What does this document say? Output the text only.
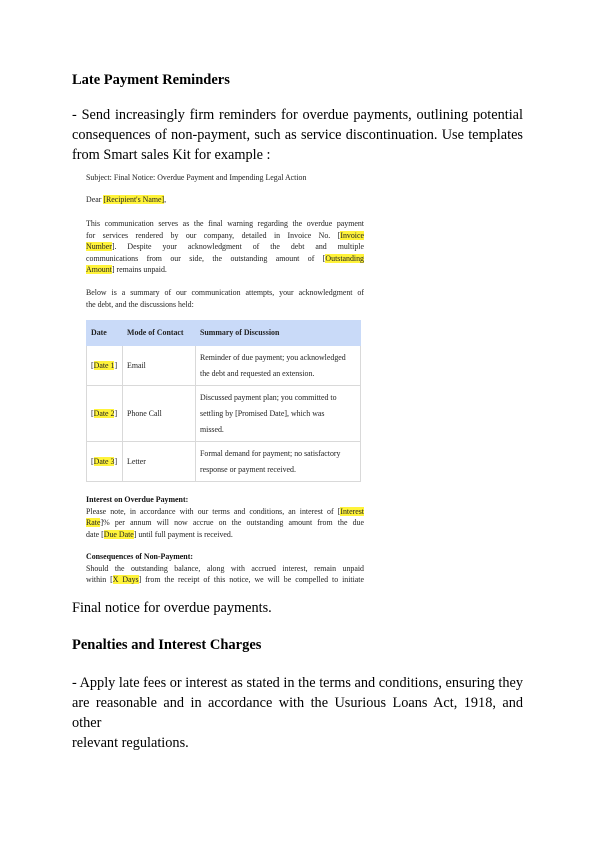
Late Payment Reminders
- Send increasingly firm reminders for overdue payments, outlining potential
consequences of non-payment, such as service discontinuation. Use templates
from Smart sales Kit for example :
Subject: Final Notice: Overdue Payment and Impending Legal Action
Dear [Recipient's Name],
This communication serves as the final warning regarding the overdue payment
for services rendered by our company, detailed in Invoice No. [Invoice
Number]. Despite your acknowledgment of the debt and multiple
communications from our side, the outstanding amount of [Outstanding
Amount] remains unpaid.
Below is a summary of our communication attempts, your acknowledgment of
the debt, and the discussions held:
Date	Mode of Contact	Summary of Discussion
[Date 1]	Email	Reminder of due payment; you acknowledged
the debt and requested an extension.

[Date 2]	Phone Call	Discussed payment plan; you committed to
settling by [Promised Date], which was
missed.

[Date 3]	Letter	Formal demand for payment; no satisfactory
response or payment received.
Interest on Overdue Payment:
Please note, in accordance with our terms and conditions, an interest of [Interest
Rate]% per annum will now accrue on the outstanding amount from the due
date [Due Date] until full payment is received.
Consequences of Non-Payment:
Should the outstanding balance, along with accrued interest, remain unpaid
within [X Days] from the receipt of this notice, we will be compelled to initiate
Final notice for overdue payments.
Penalties and Interest Charges
- Apply late fees or interest as stated in the terms and conditions, ensuring they
are reasonable and in accordance with the Usurious Loans Act, 1918, and other
relevant regulations.
